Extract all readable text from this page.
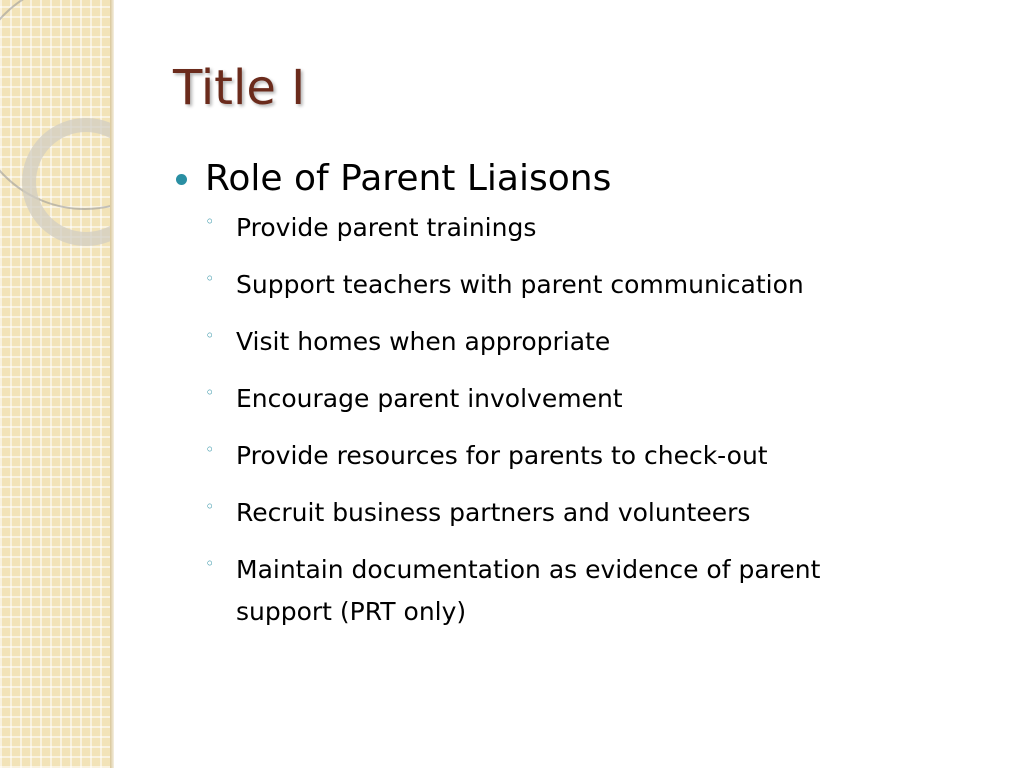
Title I
Role of Parent Liaisons
◦ Provide parent trainings
◦ Support teachers with parent communication
◦ Visit homes when appropriate
◦ Encourage parent involvement
◦ Provide resources for parents to check-out
◦ Recruit business partners and volunteers
◦ Maintain documentation as evidence of parent support (PRT only)
